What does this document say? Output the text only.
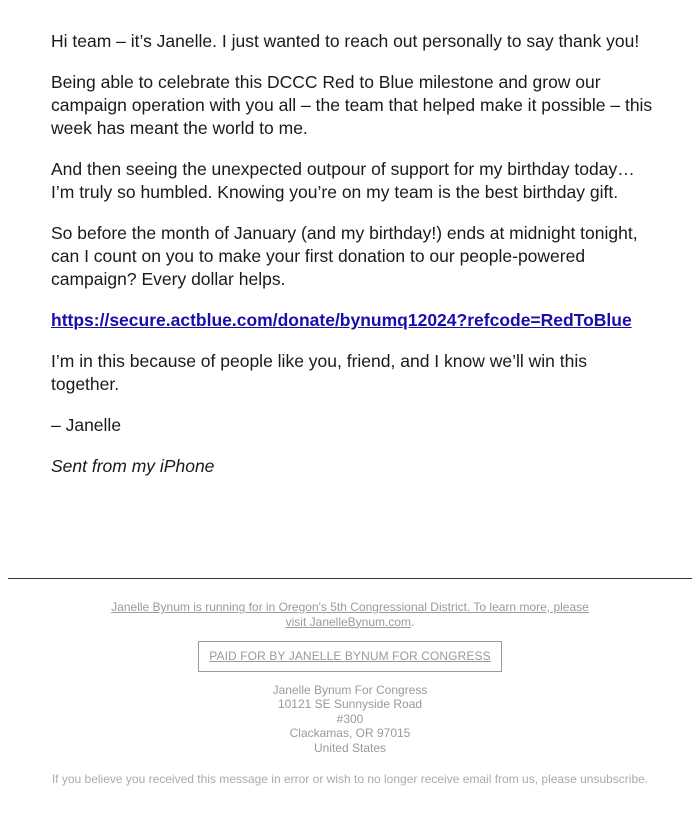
Hi team – it’s Janelle. I just wanted to reach out personally to say thank you!

Being able to celebrate this DCCC Red to Blue milestone and grow our campaign operation with you all – the team that helped make it possible – this week has meant the world to me.

And then seeing the unexpected outpour of support for my birthday today… I’m truly so humbled. Knowing you’re on my team is the best birthday gift.

So before the month of January (and my birthday!) ends at midnight tonight, can I count on you to make your first donation to our people-powered campaign? Every dollar helps.

https://secure.actblue.com/donate/bynumq12024?refcode=RedToBlue

I’m in this because of people like you, friend, and I know we’ll win this together.

– Janelle

Sent from my iPhone

Janelle Bynum is running for in Oregon's 5th Congressional District. To learn more, please visit JanelleBynum.com.
PAID FOR BY JANELLE BYNUM FOR CONGRESS
Janelle Bynum For Congress
10121 SE Sunnyside Road
#300
Clackamas, OR 97015
United States
If you believe you received this message in error or wish to no longer receive email from us, please unsubscribe.
